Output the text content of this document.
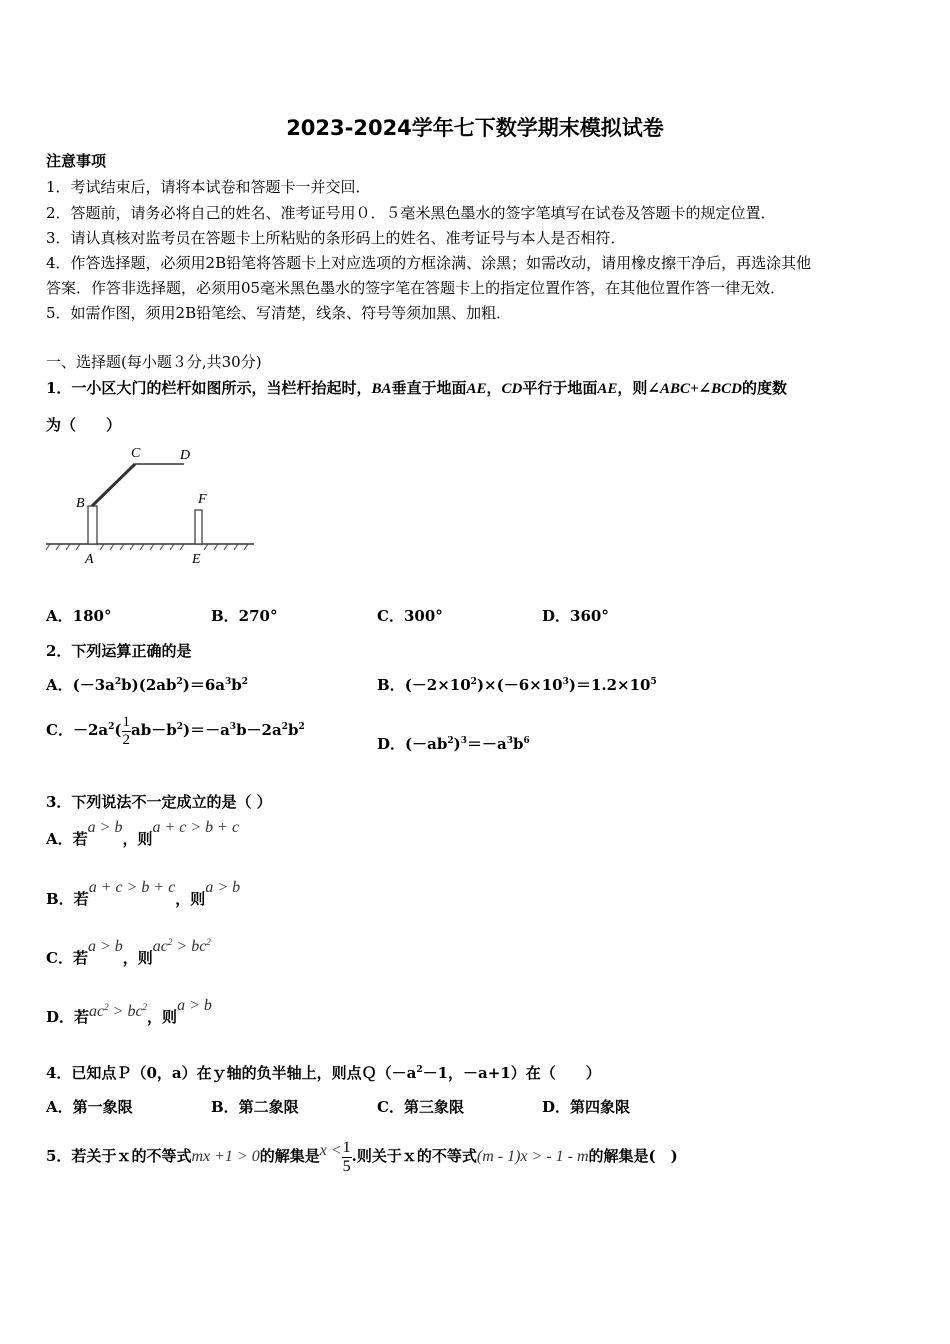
2023-2024学年七下数学期末模拟试卷
注意事项
1．考试结束后，请将本试卷和答题卡一并交回．
2．答题前，请务必将自己的姓名、准考证号用０．５毫米黑色墨水的签字笔填写在试卷及答题卡的规定位置．
3．请认真核对监考员在答题卡上所粘贴的条形码上的姓名、准考证号与本人是否相符．
4．作答选择题，必须用2B铅笔将答题卡上对应选项的方框涂满、涂黑；如需改动，请用橡皮擦干净后，再选涂其他
答案．作答非选择题，必须用05毫米黑色墨水的签字笔在答题卡上的指定位置作答，在其他位置作答一律无效．
5．如需作图，须用2B铅笔绘、写清楚，线条、符号等须加黑、加粗．
一、选择题(每小题３分,共30分)
1．一小区大门的栏杆如图所示，当栏杆抬起时，BA垂直于地面AE，CD平行于地面AE，则∠ABC+∠BCD的度数
为（　　）
C	D
B	F
A	E
A．180°	B．270°	C．300°	D．360°
2．下列运算正确的是
A．$(-3a^2b)(2ab^2)=6a^3b^2$	B．$(-2\times 10^2)\times(-6\times 10^3)=1.2\times 10^5$
C．$-2a^2( \frac{1}{2} ab-b^2)=-a^3b-2a^2b^2$
D．$(-ab^2)^3=-a^3b^6$
3．下列说法不一定成立的是（ ）
A．若a > b，则a + c > b + c
B．若a + c > b + c，则a > b
C．若a > b，则$ac^2 > bc^2$
D．若$ac^2 > bc^2$，则a > b
4．已知点Ｐ（0，a）在ｙ轴的负半轴上，则点$Q(-a^2-1$，－a+1）在（　　）
A．第一象限	B．第二象限	C．第三象限	D．第四象限
5．若关于ｘ的不等式mx +1 > 0的解集是$x < \frac{1}{5}$ .则关于ｘ的不等式(m - 1)x > - 1 - m的解集是(　)
